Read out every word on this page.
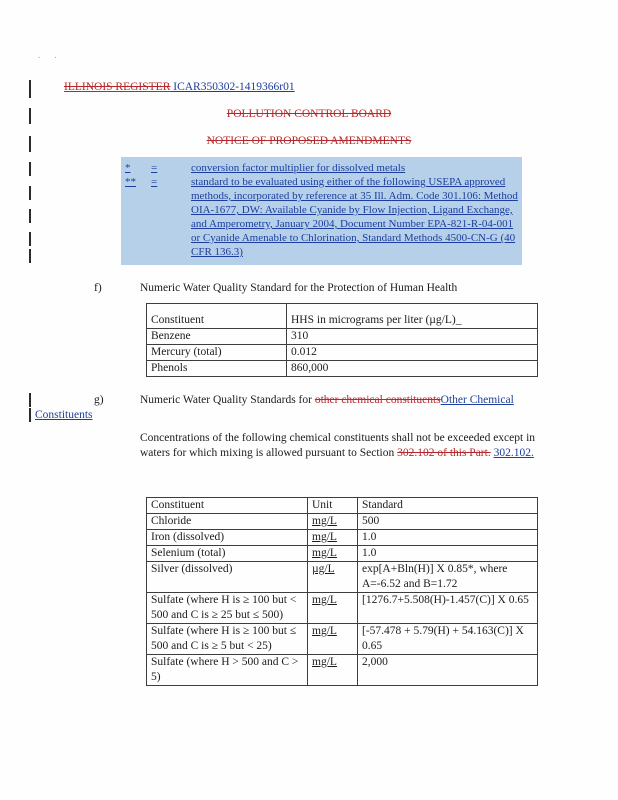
. .
ILLINOIS REGISTER ICAR350302-1419366r01
POLLUTION CONTROL BOARD
NOTICE OF PROPOSED AMENDMENTS
*	=	conversion factor multiplier for dissolved metals
**	=	standard to be evaluated using either of the following USEPA approved methods, incorporated by reference at 35 Ill. Adm. Code 301.106: Method OIA-1677, DW: Available Cyanide by Flow Injection, Ligand Exchange, and Amperometry, January 2004, Document Number EPA-821-R-04-001 or Cyanide Amenable to Chlorination, Standard Methods 4500-CN-G (40 CFR 136.3)
f)	Numeric Water Quality Standard for the Protection of Human Health
Constituent	HHS in micrograms per liter (µg/L)_
Benzene	310
Mercury (total)	0.012
Phenols	860,000
g)	Numeric Water Quality Standards for other chemical constituentsOther Chemical
Constituents
Concentrations of the following chemical constituents shall not be exceeded except in waters for which mixing is allowed pursuant to Section 302.102 of this Part. 302.102.
Constituent	Unit	Standard
Chloride	mg/L	500
Iron (dissolved)	mg/L	1.0
Selenium (total)	mg/L	1.0
Silver (dissolved)	µg/L	exp[A+Bln(H)] X 0.85*, where A=-6.52 and B=1.72
Sulfate (where H is ≥ 100 but < 500 and C is ≥ 25 but ≤ 500)	mg/L	[1276.7+5.508(H)-1.457(C)] X 0.65
Sulfate (where H is ≥ 100 but ≤ 500 and C is ≥ 5 but < 25)	mg/L	[-57.478 + 5.79(H) + 54.163(C)] X 0.65
Sulfate (where H > 500 and C > 5)	mg/L	2,000
